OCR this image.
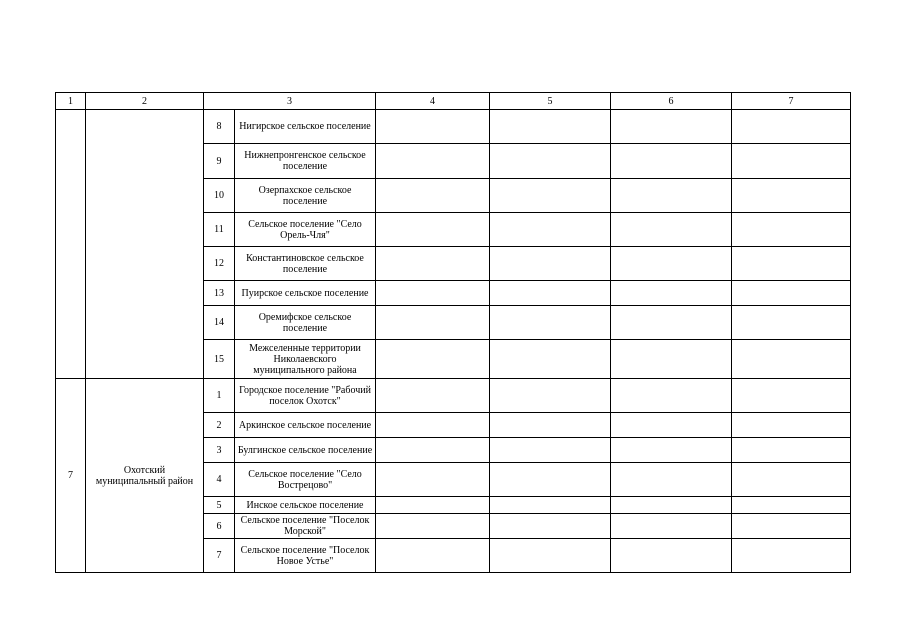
1	2	3		4	5	6	7
		8	Нигирское сельское поселение				
		9	Нижнепронгенское сельское поселение				
		10	Озерпахское сельское поселение				
		11	Сельское поселение "Село Орель-Чля"				
		12	Константиновское сельское поселение				
		13	Пуирское сельское поселение				
		14	Оремифское сельское поселение				
		15	Межселенные территории Николаевского муниципального района				
7	Охотский муниципальный район	1	Городское поселение "Рабочий поселок Охотск"				
		2	Аркинское сельское поселение				
		3	Булгинское сельское поселение				
		4	Сельское поселение "Село Вострецово"				
		5	Инское сельское поселение				
		6	Сельское поселение "Поселок Морской"				
		7	Сельское поселение "Поселок Новое Устье"				
